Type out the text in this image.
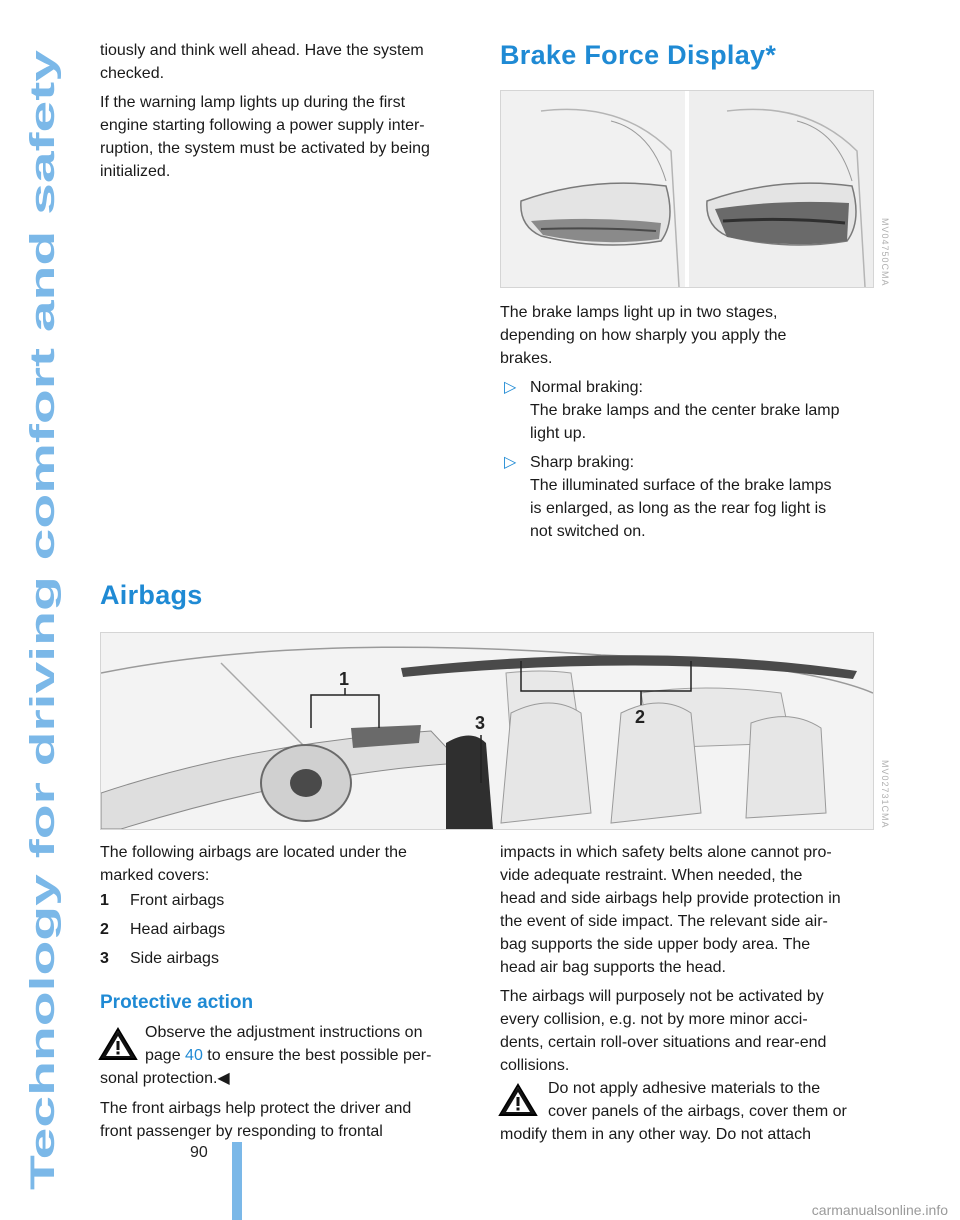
Technology for driving comfort and safety

tiously and think well ahead. Have the system

checked.

If the warning lamp lights up during the first

engine starting following a power supply inter-

ruption, the system must be activated by being

initialized.

Brake Force Display*
MV04750CMA

The brake lamps light up in two stages,

depending on how sharply you apply the

brakes.

▷ Normal braking:
The brake lamps and the center brake lamp
light up.
▷ Sharp braking:
The illuminated surface of the brake lamps
is enlarged, as long as the rear fog light is
not switched on.
Airbags
1
2
3
MV02731CMA

The following airbags are located under the

marked covers:

1 Front airbags
2 Head airbags
3 Side airbags
Protective action

Observe the adjustment instructions on

page 40 to ensure the best possible per-

sonal protection.◀

The front airbags help protect the driver and

front passenger by responding to frontal

impacts in which safety belts alone cannot pro-

vide adequate restraint. When needed, the

head and side airbags help provide protection in

the event of side impact. The relevant side air-

bag supports the side upper body area. The

head air bag supports the head.

The airbags will purposely not be activated by

every collision, e.g. not by more minor acci-

dents, certain roll-over situations and rear-end

collisions.

Do not apply adhesive materials to the

cover panels of the airbags, cover them or

modify them in any other way. Do not attach

90
carmanualsonline.info
